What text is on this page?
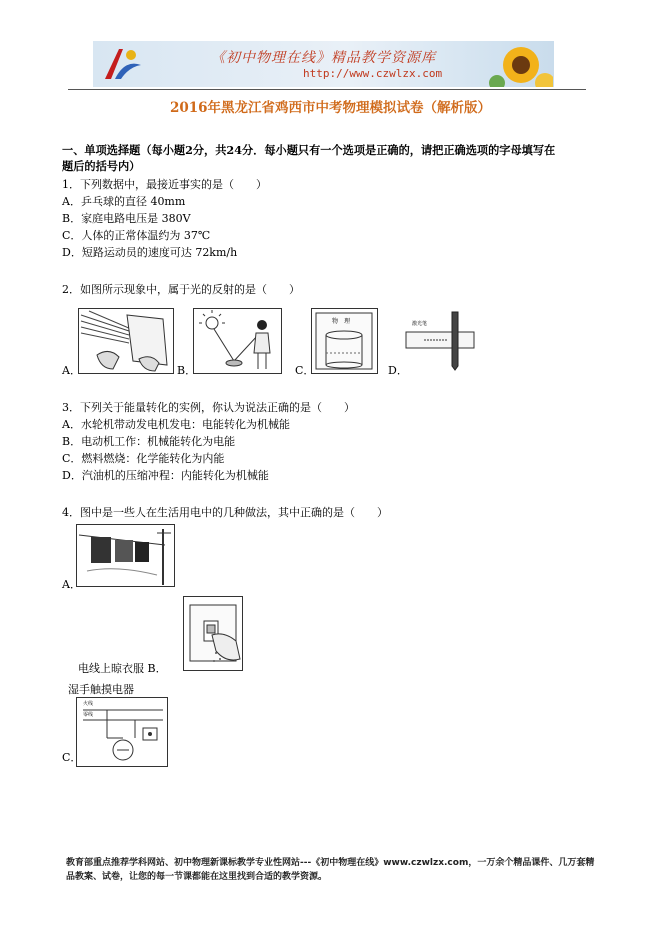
《初中物理在线》精品教学资源库
http://www.czwlzx.com
2016年黑龙江省鸡西市中考物理模拟试卷（解析版）
一、单项选择题（每小题2分，共24分．每小题只有一个选项是正确的，请把正确选项的字母填写在
题后的括号内）
1．下列数据中，最接近事实的是（　　）
A．乒乓球的直径 40mm
B．家庭电路电压是 380V
C．人体的正常体温约为 37℃
D．短路运动员的速度可达 72km/h
2．如图所示现象中，属于光的反射的是（　　）
A．	B．
物　理
C．
激光笔
D．
3．下列关于能量转化的实例，你认为说法正确的是（　　）
A．水轮机带动发电机发电：电能转化为机械能
B．电动机工作：机械能转化为电能
C．燃料燃烧：化学能转化为内能
D．汽油机的压缩冲程：内能转化为机械能
4．图中是一些人在生活用电中的几种做法，其中正确的是（　　）
A．
电线上晾衣服 B．
湿手触摸电器
火线
零线
C．
教育部重点推荐学科网站、初中物理新课标教学专业性网站---《初中物理在线》www.czwlzx.com，一万余个精品课件、几万套精品教案、试卷，让您的每一节课都能在这里找到合适的教学资源。
